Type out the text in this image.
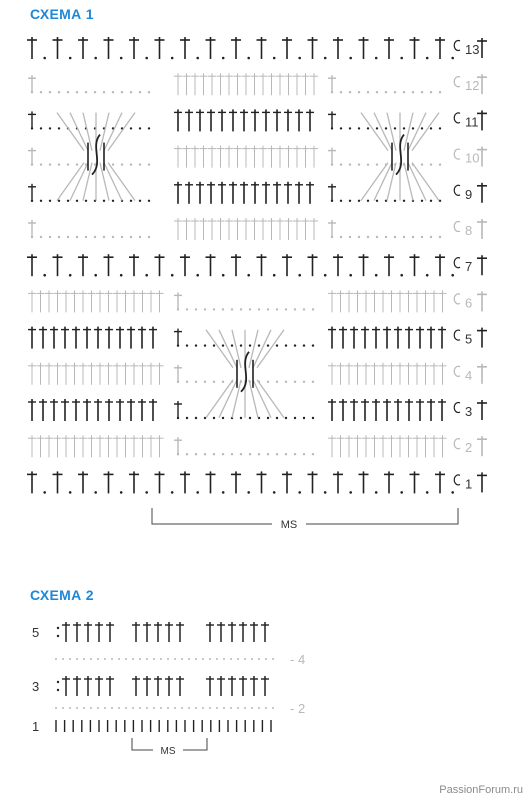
СХЕМА 1
1
2
3
4
5
6
7
8
9
10
11
12
13
MS
СХЕМА 2
1
- 2
3
- 4
5
MS
PassionForum.ru
